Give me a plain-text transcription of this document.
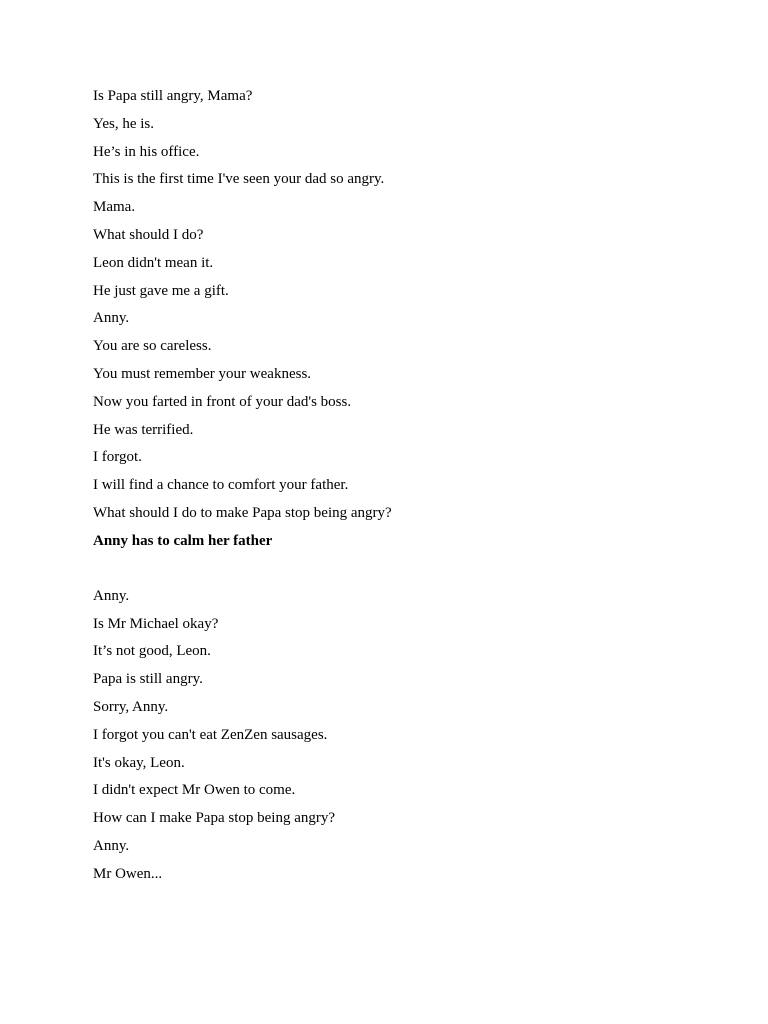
Is Papa still angry, Mama?

Yes, he is.

He’s in his office.

This is the first time I've seen your dad so angry.

Mama.

What should I do?

Leon didn't mean it.

He just gave me a gift.

Anny.

You are so careless.

You must remember your weakness.

Now you farted in front of your dad's boss.

He was terrified.

I forgot.

I will find a chance to comfort your father.

What should I do to make Papa stop being angry?

Anny has to calm her father

Anny.

Is Mr Michael okay?

It’s not good, Leon.

Papa is still angry.

Sorry, Anny.

I forgot you can't eat ZenZen sausages.

It's okay, Leon.

I didn't expect Mr Owen to come.

How can I make Papa stop being angry?

Anny.

Mr Owen...
